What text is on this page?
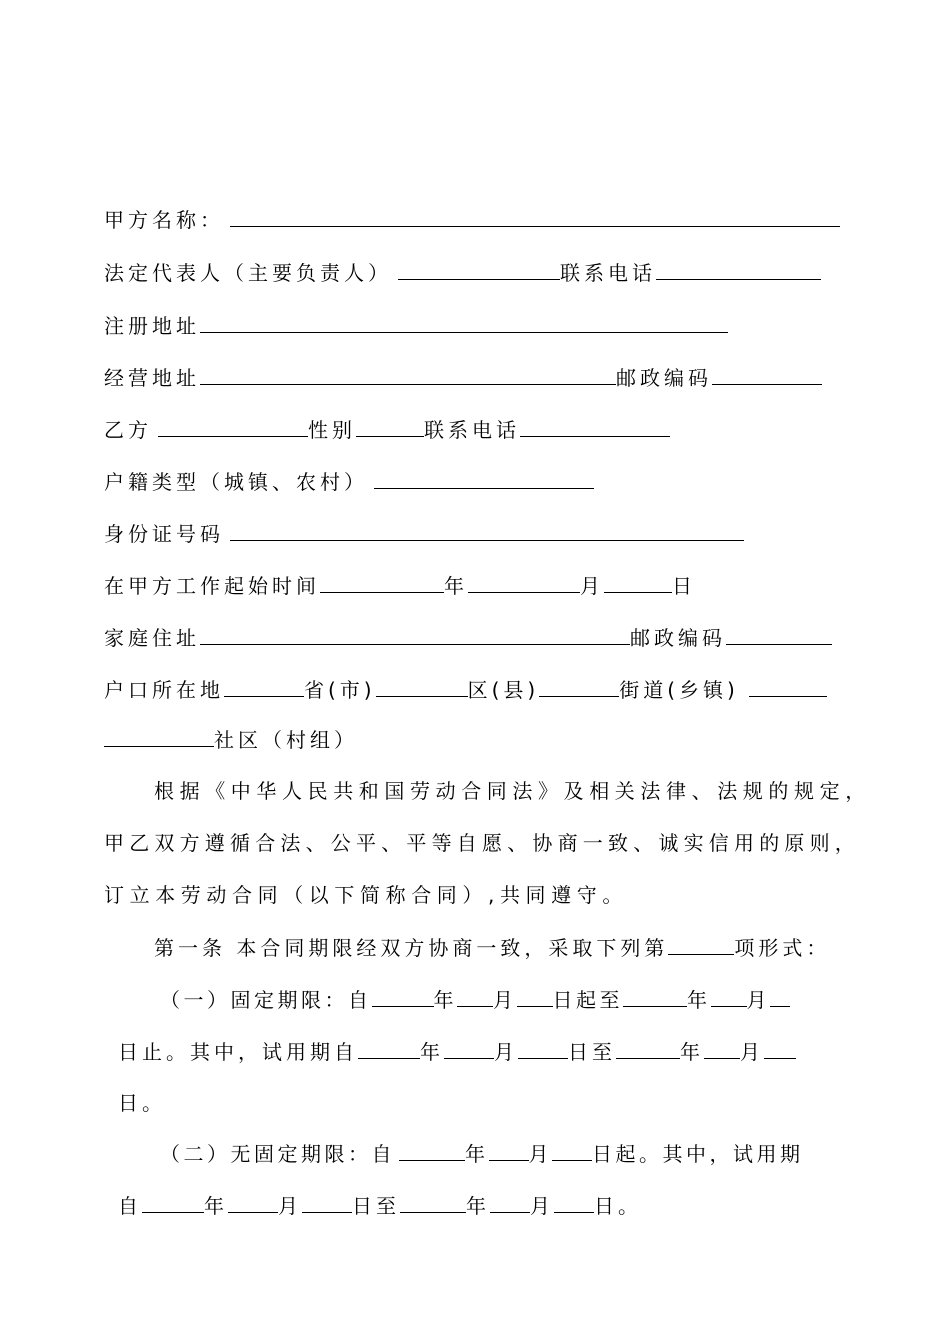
甲方名称：
法定代表人（主要负责人）	联系电话
注册地址
经营地址	邮政编码
乙方	性别	联系电话
户籍类型（城镇、农村）
身份证号码
在甲方工作起始时间	年	月	日
家庭住址	邮政编码
户口所在地	省(市)	区(县)	街道(乡镇)
社区（村组）
根据《中华人民共和国劳动合同法》及相关法律、法规的规定，
甲乙双方遵循合法、公平、平等自愿、协商一致、诚实信用的原则，
订立本劳动合同（以下简称合同）,共同遵守。
第一条 本合同期限经双方协商一致，采取下列第	项形式：
（一）固定期限：自	年 月 日起至	年 月
日止。其中，试用期自	年	月	日至	年 月
日。
（二）无固定期限：自	年 月 日起。其中，试用期
自	年	月	日至	年 月 日。
